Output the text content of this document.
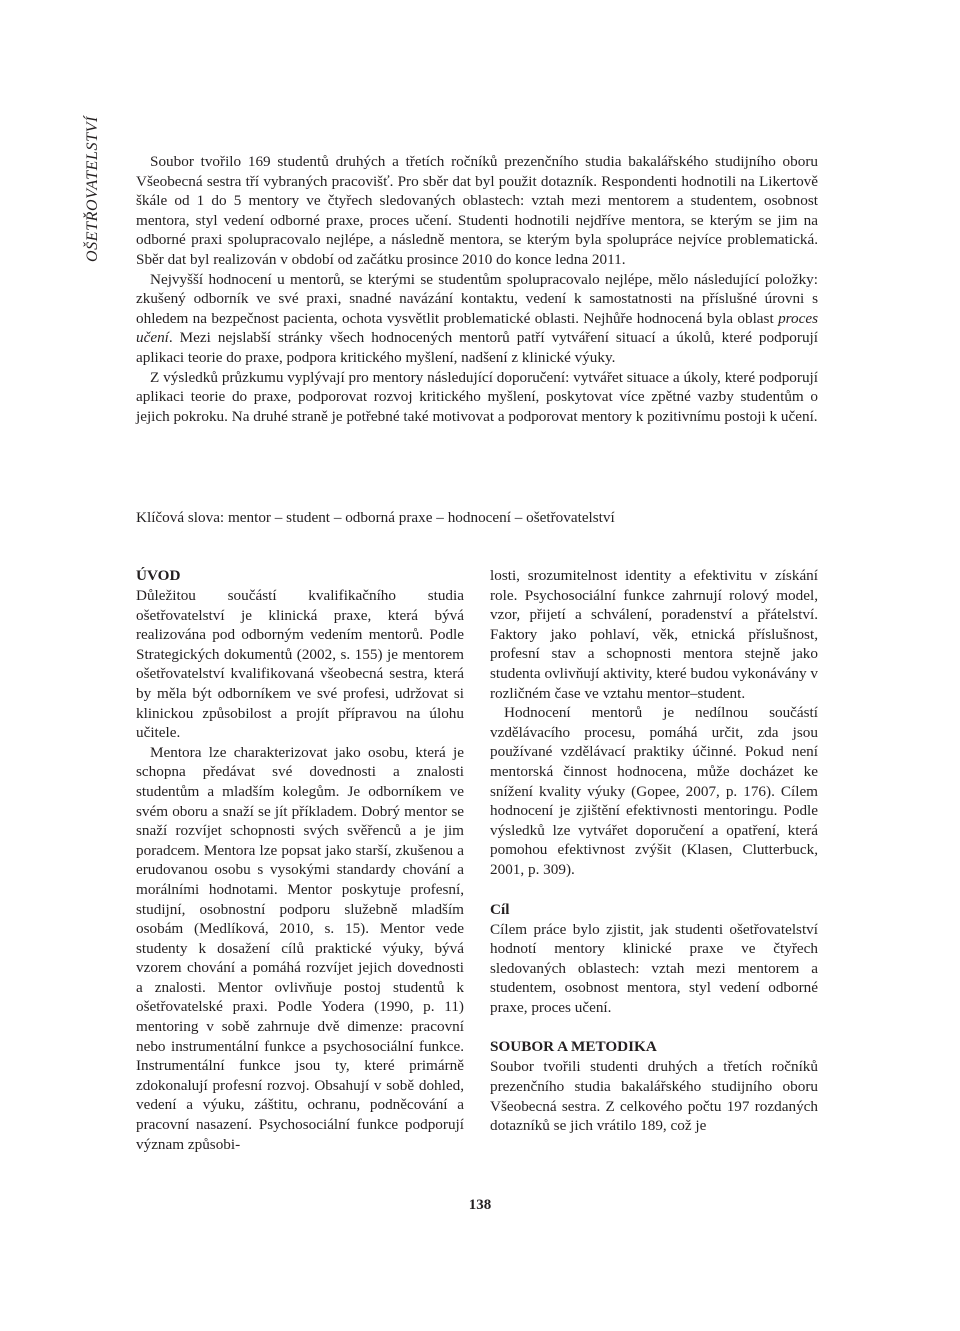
OŠETŘOVATELSTVÍ	Soubor tvořilo 169 studentů druhých a třetích ročníků prezenčního studia bakalářského studijního oboru Všeobecná sestra tří vybraných pracovišť. Pro sběr dat byl použit dotazník. Respondenti hodnotili na Likertově škále od 1 do 5 mentory ve čtyřech sledovaných oblastech: vztah mezi mentorem a studentem, osobnost mentora, styl vedení odborné praxe, proces učení. Studenti hodnotili nejdříve mentora, se kterým se jim na odborné praxi spolupracovalo nejlépe, a následně mentora, se kterým byla spolupráce nejvíce problematická. Sběr dat byl realizován v období od začátku prosince 2010 do konce ledna 2011.

Nejvyšší hodnocení u mentorů, se kterými se studentům spolupracovalo nejlépe, mělo následující položky: zkušený odborník ve své praxi, snadné navázání kontaktu, vedení k samostatnosti na příslušné úrovni s ohledem na bezpečnost pacienta, ochota vysvětlit problematické oblasti. Nejhůře hodnocená byla oblast proces učení. Mezi nejslabší stránky všech hodnocených mentorů patří vytváření situací a úkolů, které podporují aplikaci teorie do praxe, podpora kritického myšlení, nadšení z klinické výuky.

Z výsledků průzkumu vyplývají pro mentory následující doporučení: vytvářet situace a úkoly, které podporují aplikaci teorie do praxe, podporovat rozvoj kritického myšlení, poskytovat více zpětné vazby studentům o jejich pokroku. Na druhé straně je potřebné také motivovat a podporovat mentory k pozitivnímu postoji k učení.

Klíčová slova: mentor – student – odborná praxe – hodnocení – ošetřovatelství
ÚVOD

Důležitou součástí kvalifikačního studia ošetřovatelství je klinická praxe, která bývá realizována pod odborným vedením mentorů. Podle Strategických dokumentů (2002, s. 155) je mentorem ošetřovatelství kvalifikovaná všeobecná sestra, která by měla být odborníkem ve své profesi, udržovat si klinickou způsobilost a projít přípravou na úlohu učitele.

Mentora lze charakterizovat jako osobu, která je schopna předávat své dovednosti a znalosti studentům a mladším kolegům. Je odborníkem ve svém oboru a snaží se jít příkladem. Dobrý mentor se snaží rozvíjet schopnosti svých svěřenců a je jim poradcem. Mentora lze popsat jako starší, zkušenou a erudovanou osobu s vysokými standardy chování a morálními hodnotami. Mentor poskytuje profesní, studijní, osobnostní podporu služebně mladším osobám (Medlíková, 2010, s. 15). Mentor vede studenty k dosažení cílů praktické výuky, bývá vzorem chování a pomáhá rozvíjet jejich dovednosti a znalosti. Mentor ovlivňuje postoj studentů k ošetřovatelské praxi. Podle Yodera (1990, p. 11) mentoring v sobě zahrnuje dvě dimenze: pracovní nebo instrumentální funkce a psychosociální funkce. Instrumentální funkce jsou ty, které primárně zdokonalují profesní rozvoj. Obsahují v sobě dohled, vedení a výuku, záštitu, ochranu, podněcování a pracovní nasazení. Psychosociální funkce podporují význam způsobi-

losti, srozumitelnost identity a efektivitu v získání role. Psychosociální funkce zahrnují rolový model, vzor, přijetí a schválení, poradenství a přátelství. Faktory jako pohlaví, věk, etnická příslušnost, profesní stav a schopnosti mentora stejně jako studenta ovlivňují aktivity, které budou vykonávány v rozličném čase ve vztahu mentor–student.

Hodnocení mentorů je nedílnou součástí vzdělávacího procesu, pomáhá určit, zda jsou používané vzdělávací praktiky účinné. Pokud není mentorská činnost hodnocena, může docházet ke snížení kvality výuky (Gopee, 2007, p. 176). Cílem hodnocení je zjištění efektivnosti mentoringu. Podle výsledků lze vytvářet doporučení a opatření, která pomohou efektivnost zvýšit (Klasen, Clutterbuck, 2001, p. 309).

Cíl

Cílem práce bylo zjistit, jak studenti ošetřovatelství hodnotí mentory klinické praxe ve čtyřech sledovaných oblastech: vztah mezi mentorem a studentem, osobnost mentora, styl vedení odborné praxe, proces učení.

SOUBOR A METODIKA

Soubor tvořili studenti druhých a třetích ročníků prezenčního studia bakalářského studijního oboru Všeobecná sestra. Z celkového počtu 197 rozdaných dotazníků se jich vrátilo 189, což je

138
